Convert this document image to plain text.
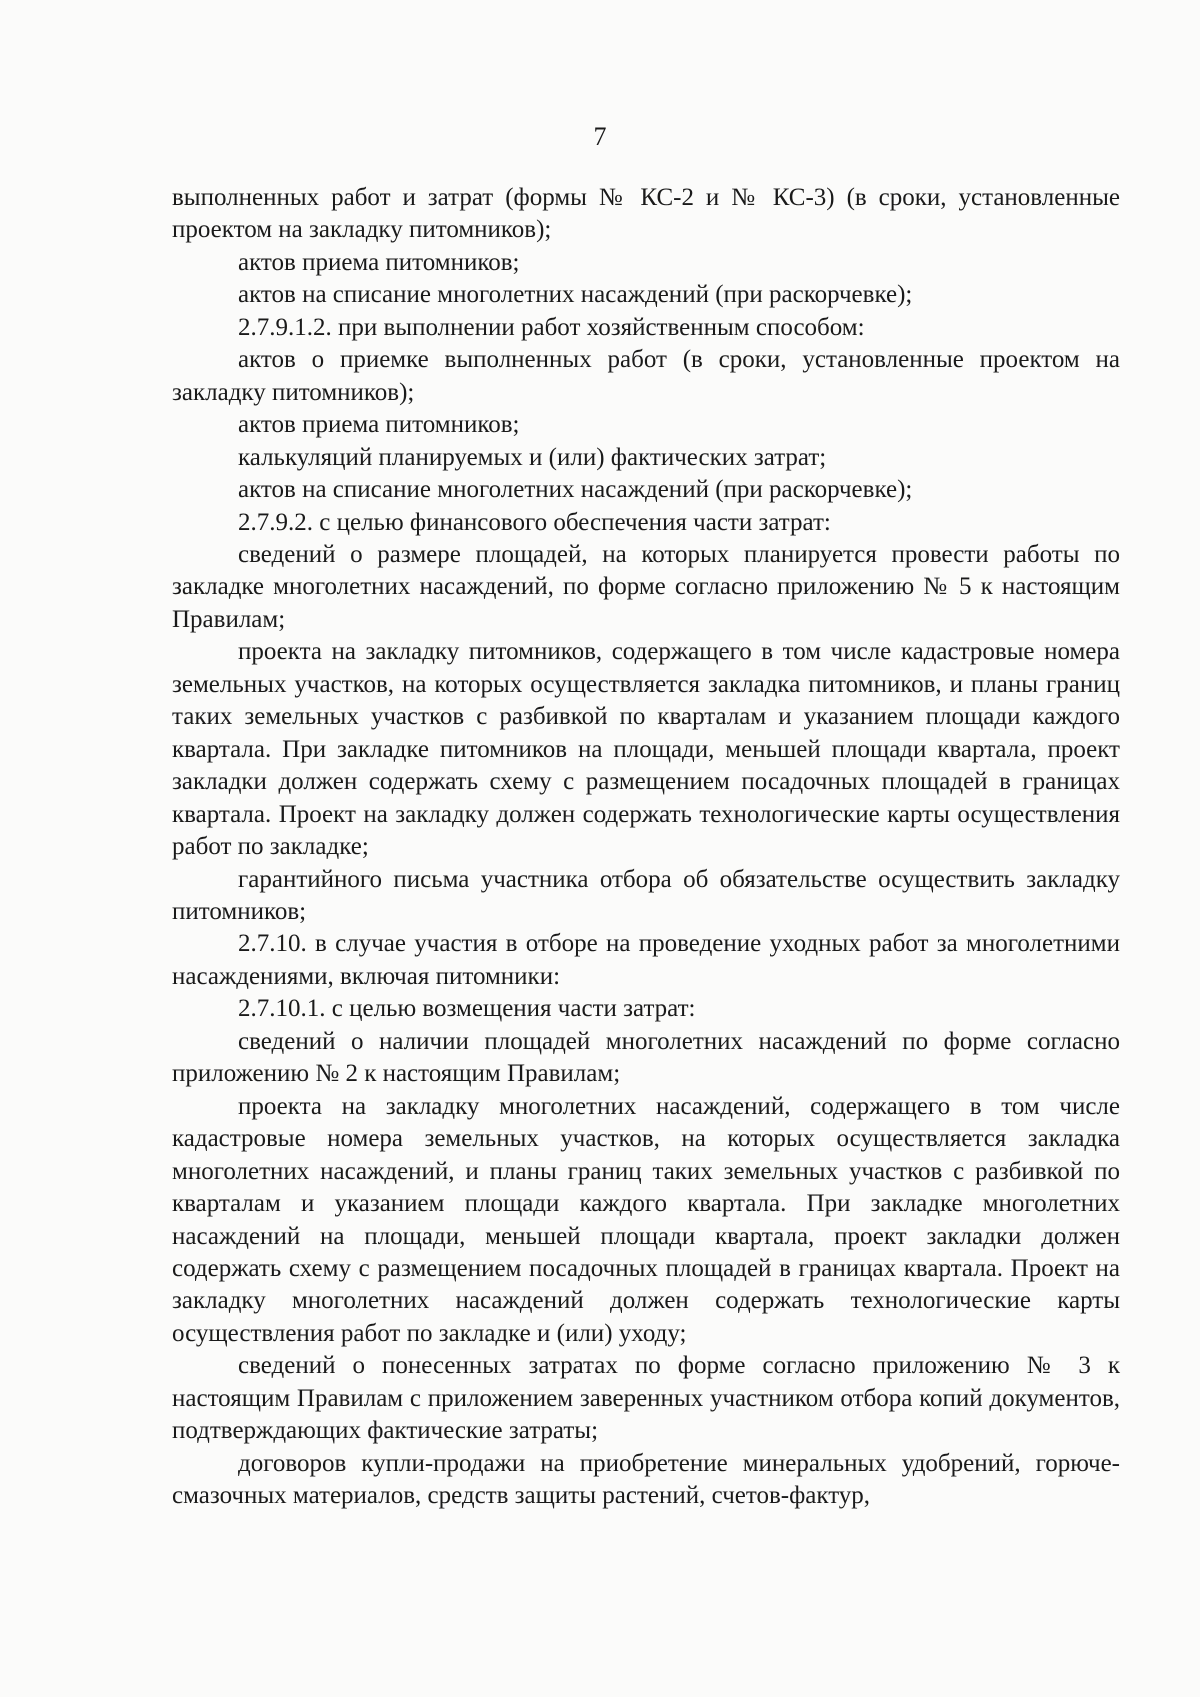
7

выполненных работ и затрат (формы № КС-2 и № КС-3) (в сроки, установленные проектом на закладку питомников);

актов приема питомников;

актов на списание многолетних насаждений (при раскорчевке);

2.7.9.1.2. при выполнении работ хозяйственным способом:

актов о приемке выполненных работ (в сроки, установленные проектом на закладку питомников);

актов приема питомников;

калькуляций планируемых и (или) фактических затрат;

актов на списание многолетних насаждений (при раскорчевке);

2.7.9.2. с целью финансового обеспечения части затрат:

сведений о размере площадей, на которых планируется провести работы по закладке многолетних насаждений, по форме согласно приложению № 5 к настоящим Правилам;

проекта на закладку питомников, содержащего в том числе кадастровые номера земельных участков, на которых осуществляется закладка питомников, и планы границ таких земельных участков с разбивкой по кварталам и указанием площади каждого квартала. При закладке питомников на площади, меньшей площади квартала, проект закладки должен содержать схему с размещением посадочных площадей в границах квартала. Проект на закладку должен содержать технологические карты осуществления работ по закладке;

гарантийного письма участника отбора об обязательстве осуществить закладку питомников;

2.7.10. в случае участия в отборе на проведение уходных работ за многолетними насаждениями, включая питомники:

2.7.10.1. с целью возмещения части затрат:

сведений о наличии площадей многолетних насаждений по форме согласно приложению № 2 к настоящим Правилам;

проекта на закладку многолетних насаждений, содержащего в том числе кадастровые номера земельных участков, на которых осуществляется закладка многолетних насаждений, и планы границ таких земельных участков с разбивкой по кварталам и указанием площади каждого квартала. При закладке многолетних насаждений на площади, меньшей площади квартала, проект закладки должен содержать схему с размещением посадочных площадей в границах квартала. Проект на закладку многолетних насаждений должен содержать технологические карты осуществления работ по закладке и (или) уходу;

сведений о понесенных затратах по форме согласно приложению № 3 к настоящим Правилам с приложением заверенных участником отбора копий документов, подтверждающих фактические затраты;

договоров купли-продажи на приобретение минеральных удобрений, горюче-смазочных материалов, средств защиты растений, счетов-фактур,
